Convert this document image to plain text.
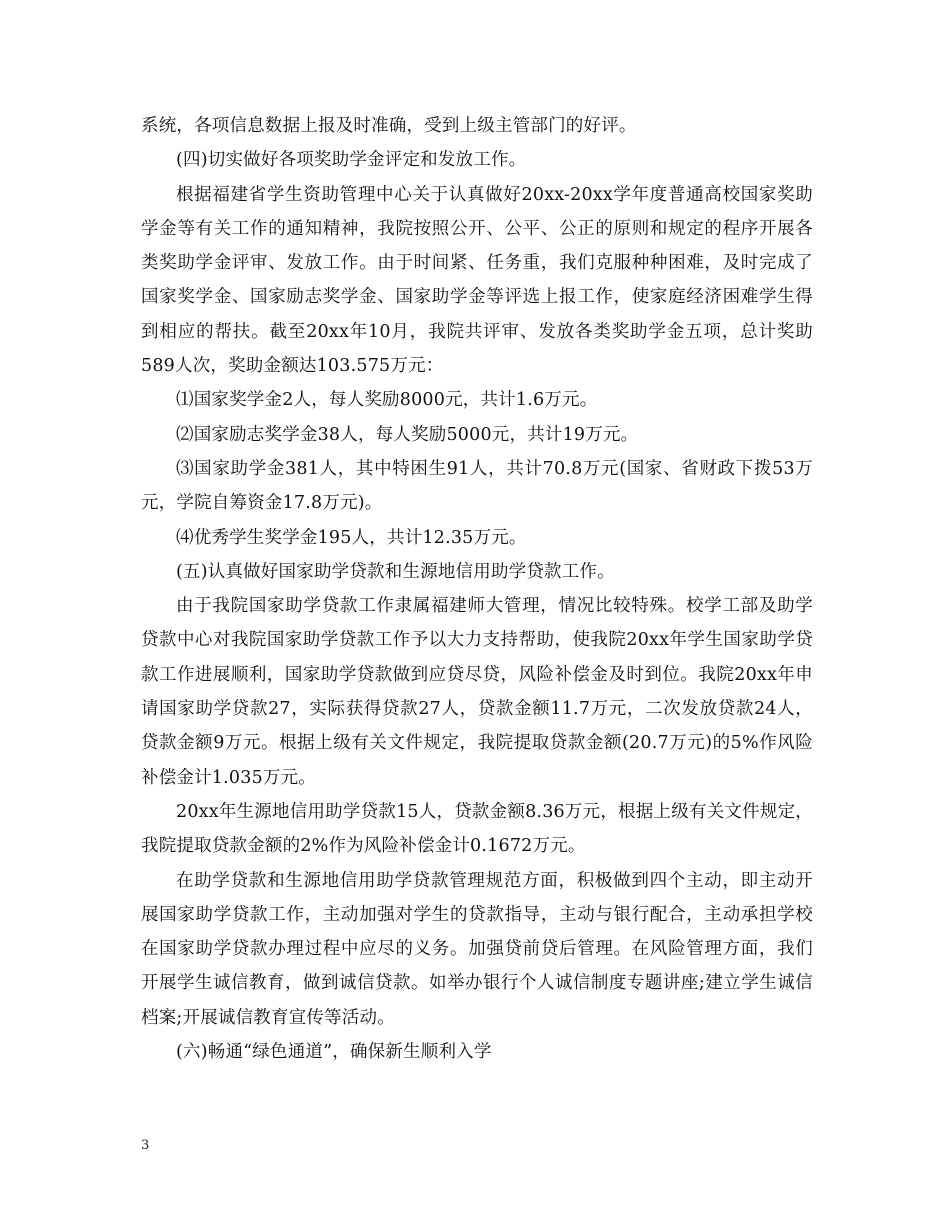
系统，各项信息数据上报及时准确，受到上级主管部门的好评。

(四)切实做好各项奖助学金评定和发放工作。

根据福建省学生资助管理中心关于认真做好20xx-20xx学年度普通高校国家奖助学金等有关工作的通知精神，我院按照公开、公平、公正的原则和规定的程序开展各类奖助学金评审、发放工作。由于时间紧、任务重，我们克服种种困难，及时完成了国家奖学金、国家励志奖学金、国家助学金等评选上报工作，使家庭经济困难学生得到相应的帮扶。截至20xx年10月，我院共评审、发放各类奖助学金五项，总计奖助589人次，奖助金额达103.575万元：

⑴国家奖学金2人，每人奖励8000元，共计1.6万元。

⑵国家励志奖学金38人，每人奖励5000元，共计19万元。

⑶国家助学金381人，其中特困生91人，共计70.8万元(国家、省财政下拨53万元，学院自筹资金17.8万元)。

⑷优秀学生奖学金195人，共计12.35万元。

(五)认真做好国家助学贷款和生源地信用助学贷款工作。

由于我院国家助学贷款工作隶属福建师大管理，情况比较特殊。校学工部及助学贷款中心对我院国家助学贷款工作予以大力支持帮助，使我院20xx年学生国家助学贷款工作进展顺利，国家助学贷款做到应贷尽贷，风险补偿金及时到位。我院20xx年申请国家助学贷款27，实际获得贷款27人，贷款金额11.7万元，二次发放贷款24人，贷款金额9万元。根据上级有关文件规定，我院提取贷款金额(20.7万元)的5%作风险补偿金计1.035万元。

20xx年生源地信用助学贷款15人，贷款金额8.36万元，根据上级有关文件规定，我院提取贷款金额的2%作为风险补偿金计0.1672万元。

在助学贷款和生源地信用助学贷款管理规范方面，积极做到四个主动，即主动开展国家助学贷款工作，主动加强对学生的贷款指导，主动与银行配合，主动承担学校在国家助学贷款办理过程中应尽的义务。加强贷前贷后管理。在风险管理方面，我们开展学生诚信教育，做到诚信贷款。如举办银行个人诚信制度专题讲座;建立学生诚信档案;开展诚信教育宣传等活动。

(六)畅通“绿色通道”，确保新生顺利入学

3
